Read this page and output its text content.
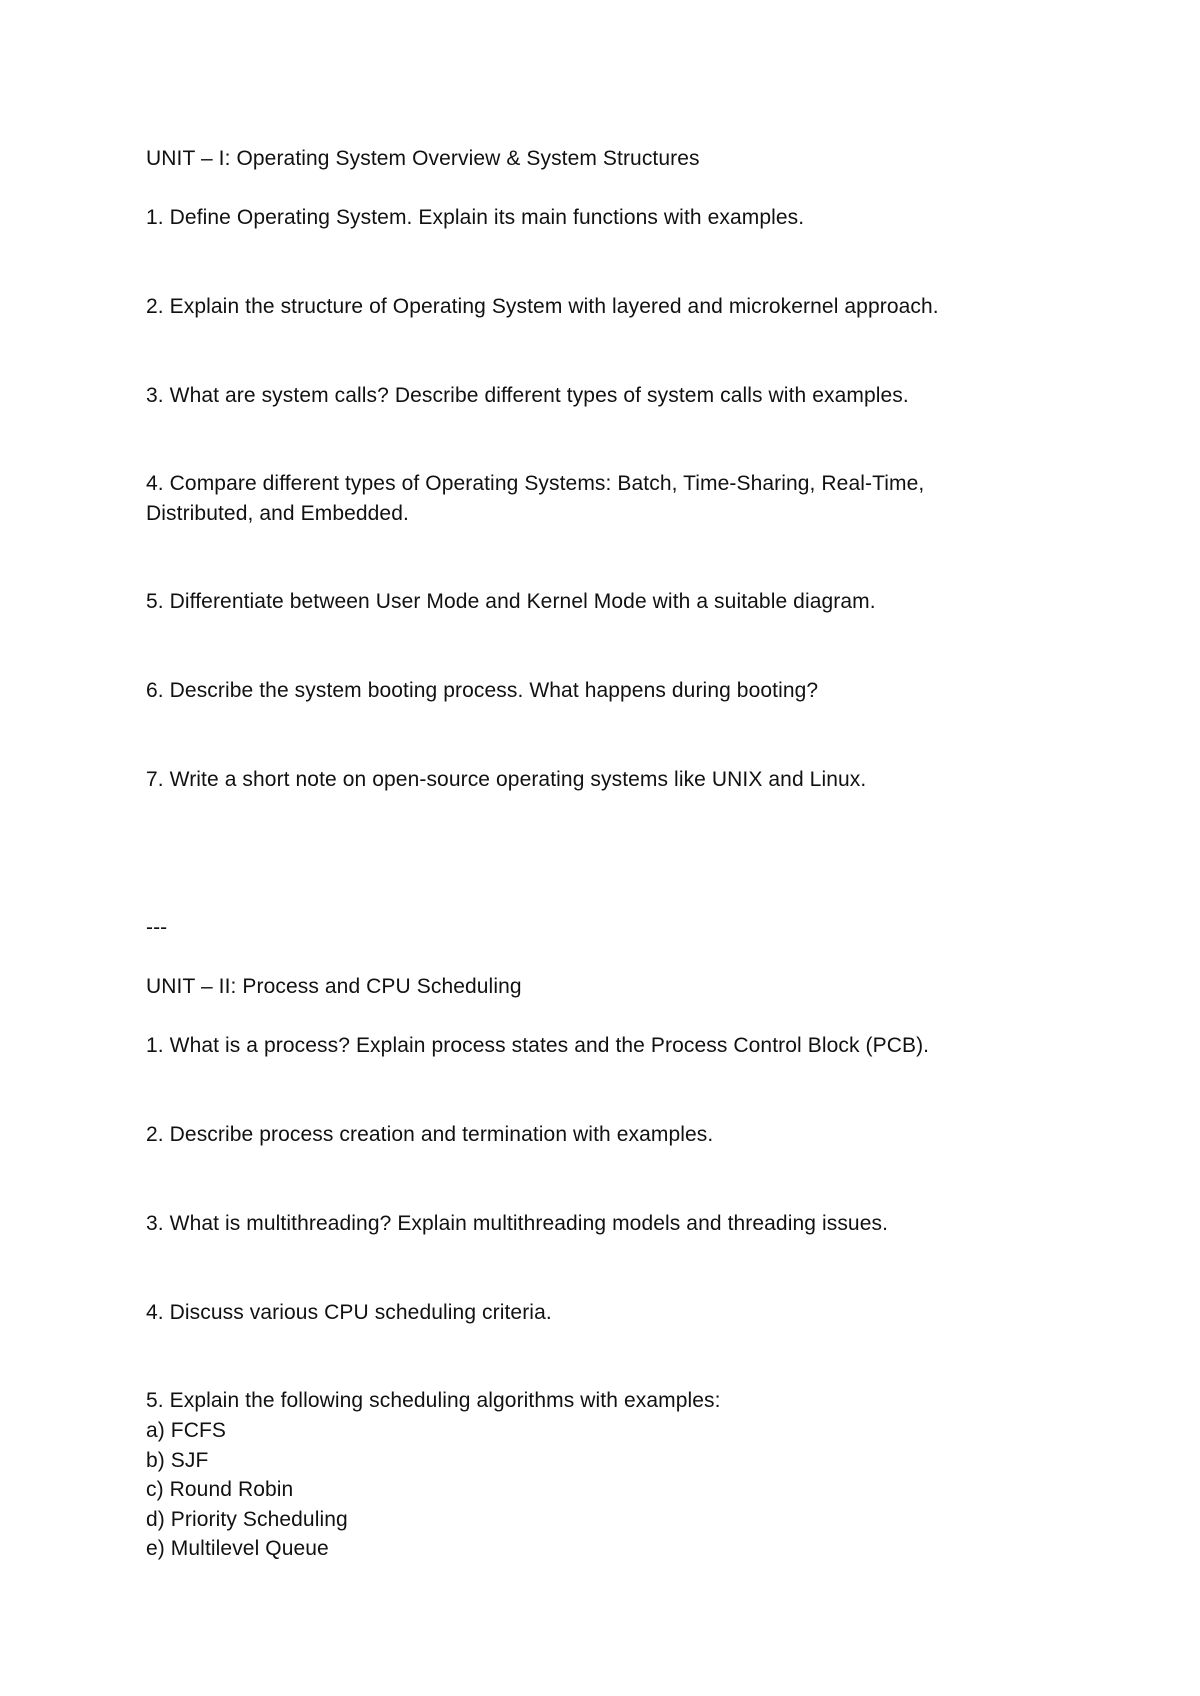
UNIT – I: Operating System Overview & System Structures
1. Define Operating System. Explain its main functions with examples.
2. Explain the structure of Operating System with layered and microkernel approach.
3. What are system calls? Describe different types of system calls with examples.
4. Compare different types of Operating Systems: Batch, Time-Sharing, Real-Time,
Distributed, and Embedded.
5. Differentiate between User Mode and Kernel Mode with a suitable diagram.
6. Describe the system booting process. What happens during booting?
7. Write a short note on open-source operating systems like UNIX and Linux.
---
UNIT – II: Process and CPU Scheduling
1. What is a process? Explain process states and the Process Control Block (PCB).
2. Describe process creation and termination with examples.
3. What is multithreading? Explain multithreading models and threading issues.
4. Discuss various CPU scheduling criteria.
5. Explain the following scheduling algorithms with examples:
a) FCFS
b) SJF
c) Round Robin
d) Priority Scheduling
e) Multilevel Queue
